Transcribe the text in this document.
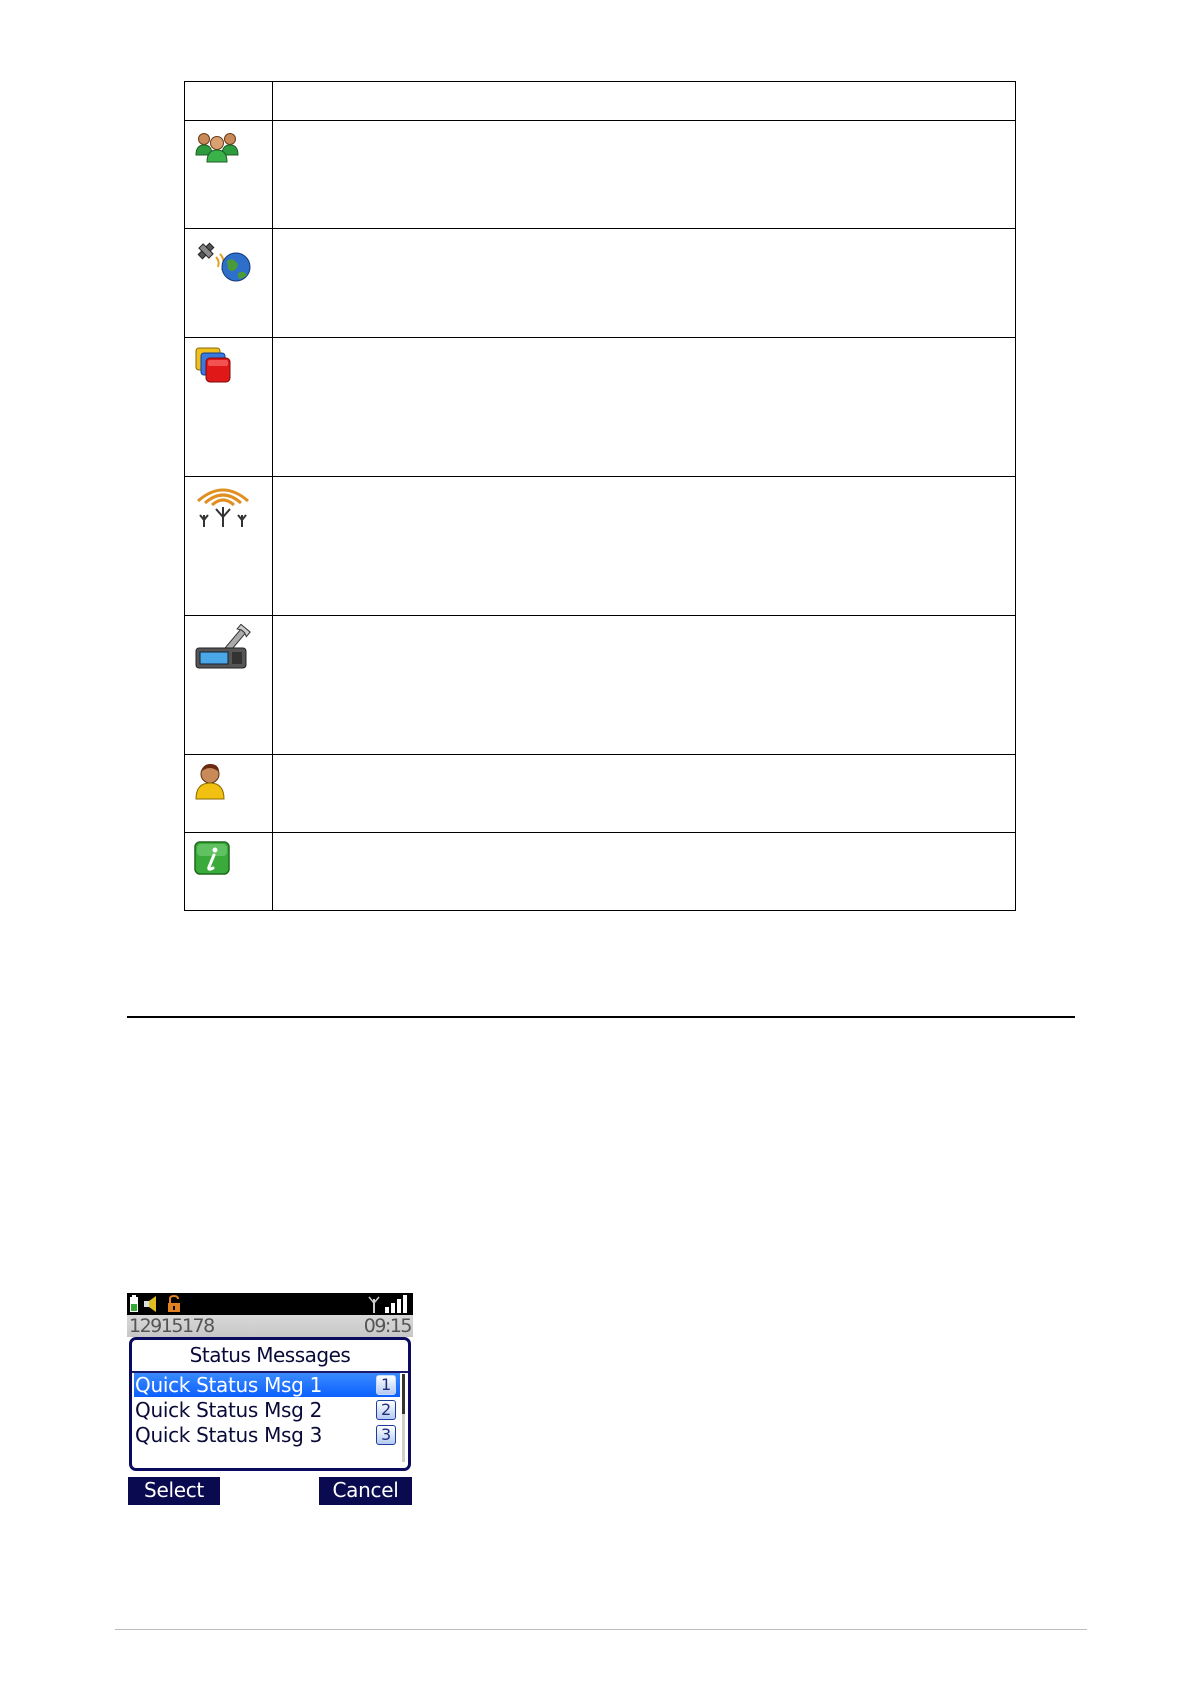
12915178	09:15
Status Messages
Quick Status Msg 1	1
Quick Status Msg 2	2
Quick Status Msg 3	3
Select	Cancel
